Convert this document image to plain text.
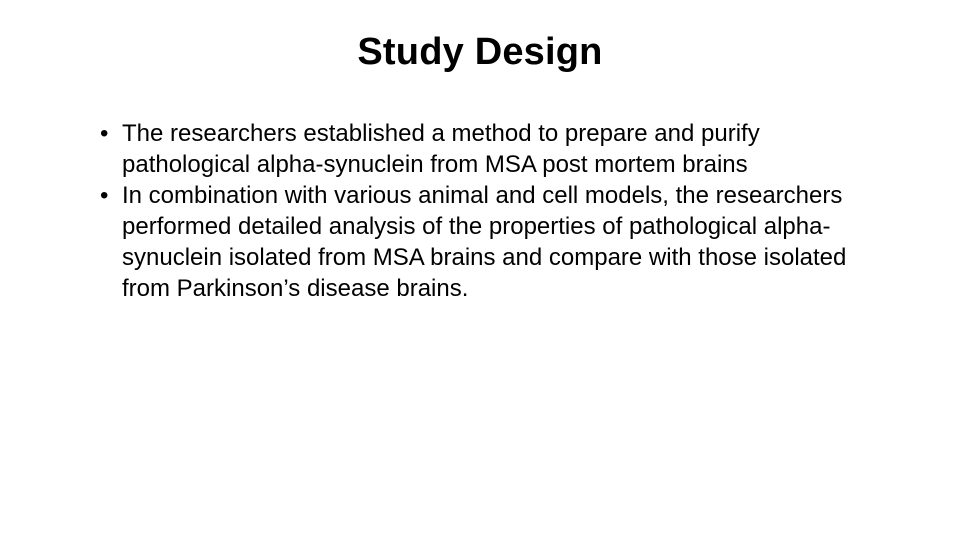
Study Design
• The researchers established a method to prepare and purify pathological alpha-synuclein from MSA post mortem brains
• In combination with various animal and cell models, the researchers performed detailed analysis of the properties of pathological alpha-synuclein isolated from MSA brains and compare with those isolated from Parkinson’s disease brains.
